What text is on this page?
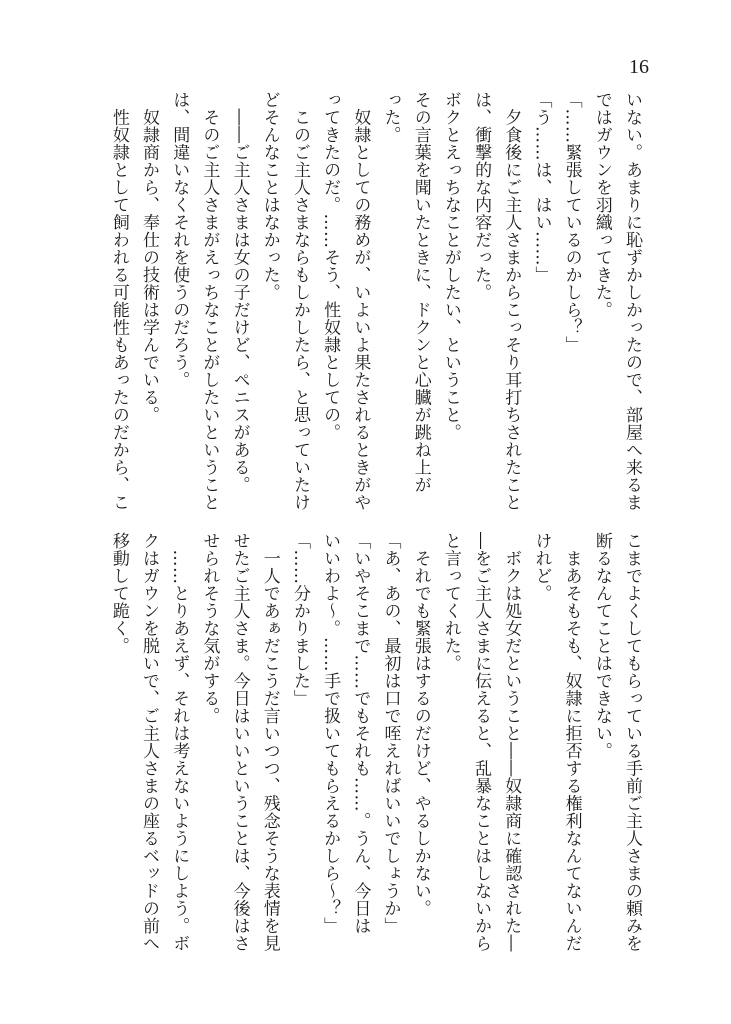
16

いない。あまりに恥ずかしかったので、部屋へ来るま

ではガウンを羽織ってきた。

「……緊張しているのかしら？」

「う……は、はい……」

　夕食後にご主人さまからこっそり耳打ちされたこと

は、衝撃的な内容だった。

ボクとえっちなことがしたい、ということ。

その言葉を聞いたときに、ドクンと心臓が跳ね上が

った。

　奴隷としての務めが、いよいよ果たされるときがや

ってきたのだ。……そう、性奴隷としての。

　このご主人さまならもしかしたら、と思っていたけ

どそんなことはなかった。

　――ご主人さまは女の子だけど、ペニスがある。

　そのご主人さまがえっちなことがしたいということ

は、間違いなくそれを使うのだろう。

　奴隷商から、奉仕の技術は学んでいる。

　性奴隷として飼われる可能性もあったのだから、こ

こまでよくしてもらっている手前ご主人さまの頼みを

断るなんてことはできない。

　まあそもそも、奴隷に拒否する権利なんてないんだ

けれど。

　ボクは処女だということ――奴隷商に確認された―

―をご主人さまに伝えると、乱暴なことはしないから

と言ってくれた。

　それでも緊張はするのだけど、やるしかない。

「あ、あの、最初は口で咥えればいいでしょうか」

「いやそこまで……でもそれも……。うん、今日は

いいわよ～。……手で扱いてもらえるかしら～？」

「……分かりました」

　一人であぁだこうだ言いつつ、残念そうな表情を見

せたご主人さま。今日はいいということは、今後はさ

せられそうな気がする。

　……とりあえず、それは考えないようにしよう。ボ

クはガウンを脱いで、ご主人さまの座るベッドの前へ

移動して跪く。
